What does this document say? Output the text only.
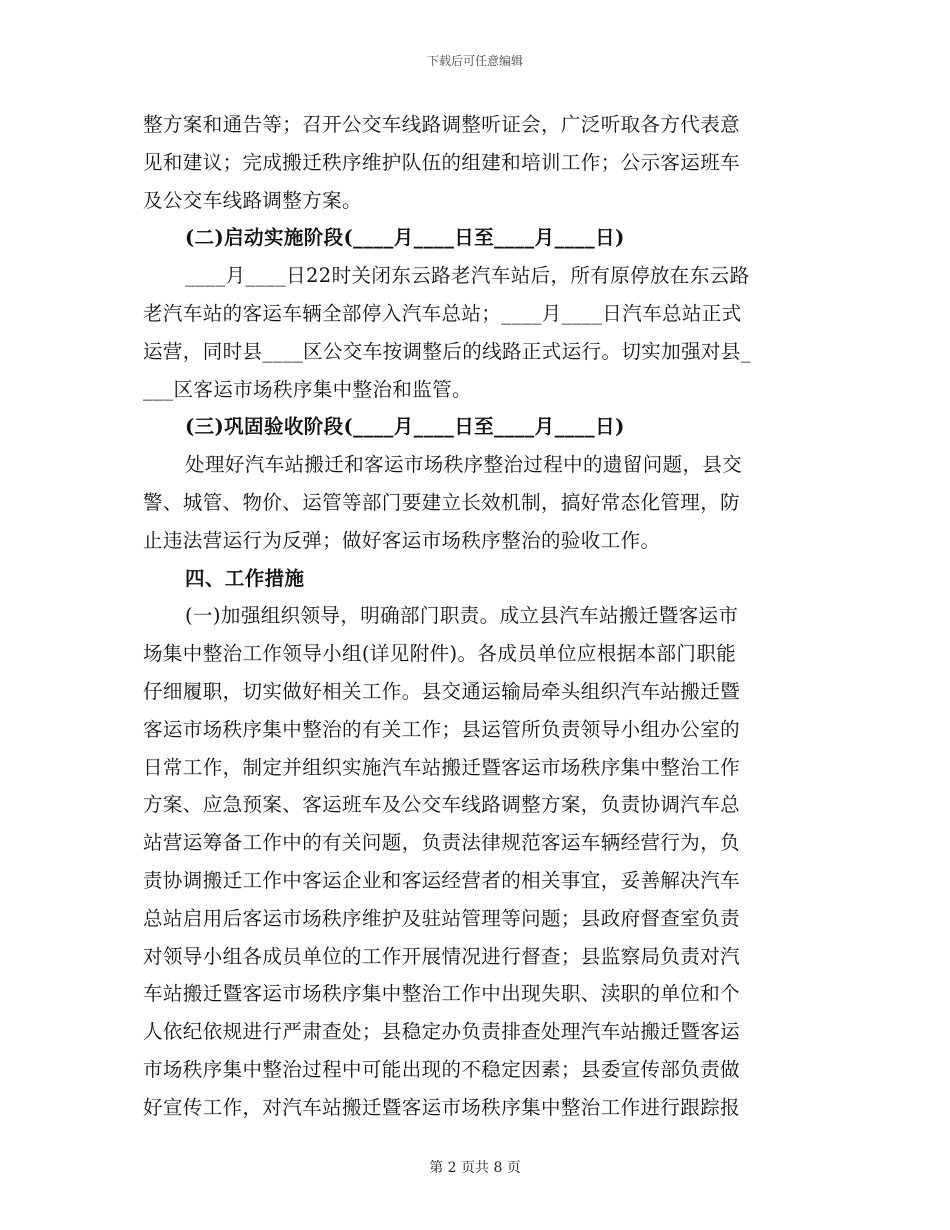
下载后可任意编辑
整方案和通告等；召开公交车线路调整听证会，广泛听取各方代表意
见和建议；完成搬迁秩序维护队伍的组建和培训工作；公示客运班车
及公交车线路调整方案。
(二)启动实施阶段(____月____日至____月____日)
____月____日22时关闭东云路老汽车站后，所有原停放在东云路
老汽车站的客运车辆全部停入汽车总站；____月____日汽车总站正式
运营，同时县____区公交车按调整后的线路正式运行。切实加强对县_
___区客运市场秩序集中整治和监管。
(三)巩固验收阶段(____月____日至____月____日)
处理好汽车站搬迁和客运市场秩序整治过程中的遗留问题，县交
警、城管、物价、运管等部门要建立长效机制，搞好常态化管理，防
止违法营运行为反弹；做好客运市场秩序整治的验收工作。
四、工作措施
(一)加强组织领导，明确部门职责。成立县汽车站搬迁暨客运市
场集中整治工作领导小组(详见附件)。各成员单位应根据本部门职能
仔细履职，切实做好相关工作。县交通运输局牵头组织汽车站搬迁暨
客运市场秩序集中整治的有关工作；县运管所负责领导小组办公室的
日常工作，制定并组织实施汽车站搬迁暨客运市场秩序集中整治工作
方案、应急预案、客运班车及公交车线路调整方案，负责协调汽车总
站营运筹备工作中的有关问题，负责法律规范客运车辆经营行为，负
责协调搬迁工作中客运企业和客运经营者的相关事宜，妥善解决汽车
总站启用后客运市场秩序维护及驻站管理等问题；县政府督查室负责
对领导小组各成员单位的工作开展情况进行督查；县监察局负责对汽
车站搬迁暨客运市场秩序集中整治工作中出现失职、渎职的单位和个
人依纪依规进行严肃查处；县稳定办负责排查处理汽车站搬迁暨客运
市场秩序集中整治过程中可能出现的不稳定因素；县委宣传部负责做
好宣传工作，对汽车站搬迁暨客运市场秩序集中整治工作进行跟踪报
第 2 页共 8 页
